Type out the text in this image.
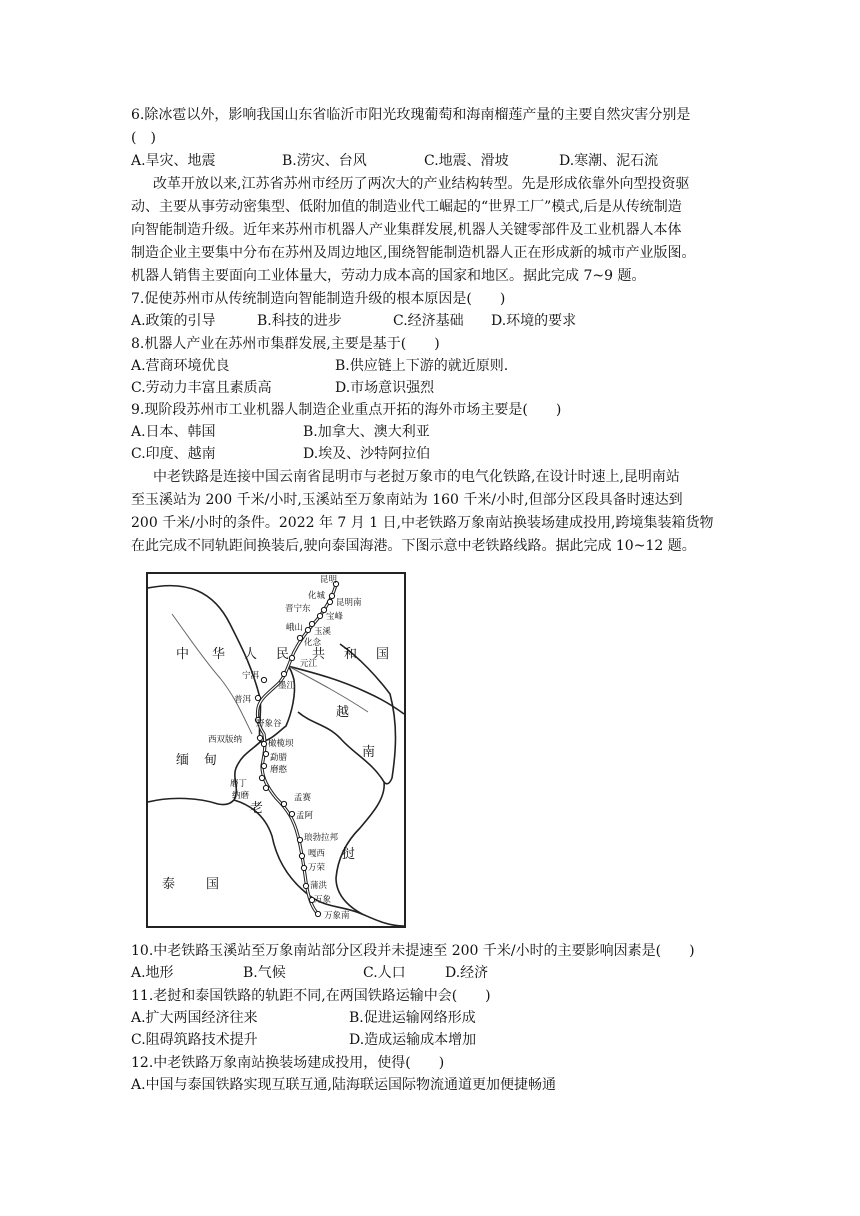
6.除冰雹以外，影响我国山东省临沂市阳光玫瑰葡萄和海南榴莲产量的主要自然灾害分别是
(　)
A.旱灾、地震	B.涝灾、台风	C.地震、滑坡	D.寒潮、泥石流
改革开放以来,江苏省苏州市经历了两次大的产业结构转型。先是形成依靠外向型投资驱
动、主要从事劳动密集型、低附加值的制造业代工崛起的“世界工厂”模式,后是从传统制造
向智能制造升级。近年来苏州市机器人产业集群发展,机器人关键零部件及工业机器人本体
制造企业主要集中分布在苏州及周边地区,围绕智能制造机器人正在形成新的城市产业版图。
机器人销售主要面向工业体量大，劳动力成本高的国家和地区。据此完成 7~9 题。
7.促使苏州市从传统制造向智能制造升级的根本原因是(　　)
A.政策的引导	B.科技的进步	C.经济基础 D.环境的要求
8.机器人产业在苏州市集群发展,主要是基于(　　)
A.营商环境优良	B.供应链上下游的就近原则.
C.劳动力丰富且素质高	D.市场意识强烈
9.现阶段苏州市工业机器人制造企业重点开拓的海外市场主要是(　　)
A.日本、韩国	B.加拿大、澳大利亚
C.印度、越南	D.埃及、沙特阿拉伯
中老铁路是连接中国云南省昆明市与老挝万象市的电气化铁路,在设计时速上,昆明南站
至玉溪站为 200 千米/小时,玉溪站至万象南站为 160 千米/小时,但部分区段具备时速达到
200 千米/小时的条件。2022 年 7 月 1 日,中老铁路万象南站换装场建成投用,跨境集装箱货物
在此完成不同轨距间换装后,驶向泰国海港。下图示意中老铁路线路。据此完成 10~12 题。
中 华 人 民 共 和 国
缅 甸
越
南
老
挝
泰 国
昆明
化城
昆明南
晋宁东
宝峰
峨山 玉溪
化念
元江
宁洱
墨江
普洱
野象谷
西双版纳	橄榄坝
勐腊
磨憨
磨丁
纳磨	孟赛
孟阿
琅勃拉邦
嘎西
万荣
蒲洪
万象
万象南
10.中老铁路玉溪站至万象南站部分区段并未提速至 200 千米/小时的主要影响因素是(　　)
A.地形	B.气候	C.人口	D.经济
11.老挝和泰国铁路的轨距不同,在两国铁路运输中会(　　)
A.扩大两国经济往来	B.促进运输网络形成
C.阻碍筑路技术提升	D.造成运输成本增加
12.中老铁路万象南站换装场建成投用，使得(　　)
A.中国与泰国铁路实现互联互通,陆海联运国际物流通道更加便捷畅通
